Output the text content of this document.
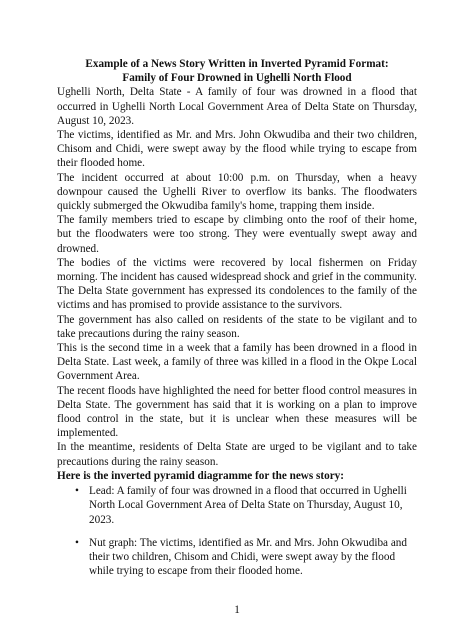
Example of a News Story Written in Inverted Pyramid Format:
Family of Four Drowned in Ughelli North Flood

Ughelli North, Delta State - A family of four was drowned in a flood that occurred in Ughelli North Local Government Area of Delta State on Thursday, August 10, 2023.

The victims, identified as Mr. and Mrs. John Okwudiba and their two children, Chisom and Chidi, were swept away by the flood while trying to escape from their flooded home.

The incident occurred at about 10:00 p.m. on Thursday, when a heavy downpour caused the Ughelli River to overflow its banks. The floodwaters quickly submerged the Okwudiba family's home, trapping them inside.

The family members tried to escape by climbing onto the roof of their home, but the floodwaters were too strong. They were eventually swept away and drowned.

The bodies of the victims were recovered by local fishermen on Friday morning. The incident has caused widespread shock and grief in the community.

The Delta State government has expressed its condolences to the family of the victims and has promised to provide assistance to the survivors.

The government has also called on residents of the state to be vigilant and to take precautions during the rainy season.

This is the second time in a week that a family has been drowned in a flood in Delta State. Last week, a family of three was killed in a flood in the Okpe Local Government Area.

The recent floods have highlighted the need for better flood control measures in Delta State. The government has said that it is working on a plan to improve flood control in the state, but it is unclear when these measures will be implemented.

In the meantime, residents of Delta State are urged to be vigilant and to take precautions during the rainy season.

Here is the inverted pyramid diagramme for the news story:

• Lead: A family of four was drowned in a flood that occurred in Ughelli North Local Government Area of Delta State on Thursday, August 10, 2023.
• Nut graph: The victims, identified as Mr. and Mrs. John Okwudiba and their two children, Chisom and Chidi, were swept away by the flood while trying to escape from their flooded home.
1
